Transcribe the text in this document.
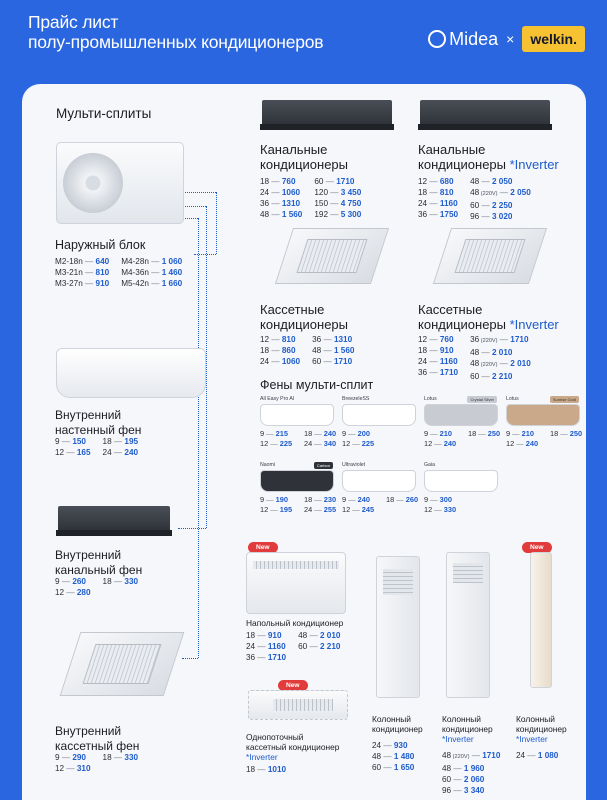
Прайс лист
полу-промышленных кондиционеров	Midea ×	welkin.
Мульти-сплиты
Наружный блок
M2-18n — 640
M3-21n — 810
M3-27n — 910
M4-28n — 1 060
M4-36n — 1 460
M5-42n — 1 660
Внутренний
настенный фен
9 — 150
12 — 165
18 — 195
24 — 240
Внутренний
канальный фен
9 — 260
12 — 280
18 — 330
Внутренний
кассетный фен
9 — 290
12 — 310
18 — 330
Канальные
кондиционеры
18 — 760
24 — 1060
36 — 1310
48 — 1 560
60 — 1710
120 — 3 450
150 — 4 750
192 — 5 300
Канальные
кондиционеры *Inverter
12 — 680
18 — 810
24 — 1160
36 — 1750
48 — 2 050
48 (220V) — 2 050
60 — 2 250
96 — 3 020
Кассетные
кондиционеры
12 — 810
18 — 860
24 — 1060
36 — 1310
48 — 1 560
60 — 1710
Кассетные
кондиционеры *Inverter
12 — 760
18 — 910
24 — 1160
36 — 1710
36 (220V) — 1710
48 — 2 010
48 (220V) — 2 010
60 — 2 210
Фены мульти-сплит
All Easy Pro AI
9 — 215
12 — 225
18 — 240
24 — 340
BreezeleSS
9 — 200
12 — 225
Lotus	Crystal Silver
9 — 210
12 — 240
18 — 250
Lotus	Sunrise Gold
9 — 210
12 — 240
18 — 250
Naomi	Carbon
9 — 190
12 — 195
18 — 230
24 — 255
Ultraviolet
9 — 240
12 — 245
18 — 260
Gaia
9 — 300
12 — 330
New
Напольный кондиционер
18 — 910
24 — 1160
36 — 1710
48 — 2 010
60 — 2 210
New
Однопоточный
кассетный кондиционер
*Inverter
18 — 1010
Колонный
кондиционер
24 — 930
48 — 1 480
60 — 1 650
Колонный
кондиционер
*Inverter
48 (220V) — 1710
48 — 1 960
60 — 2 060
96 — 3 340
New
Колонный
кондиционер
*Inverter
24 — 1 080
